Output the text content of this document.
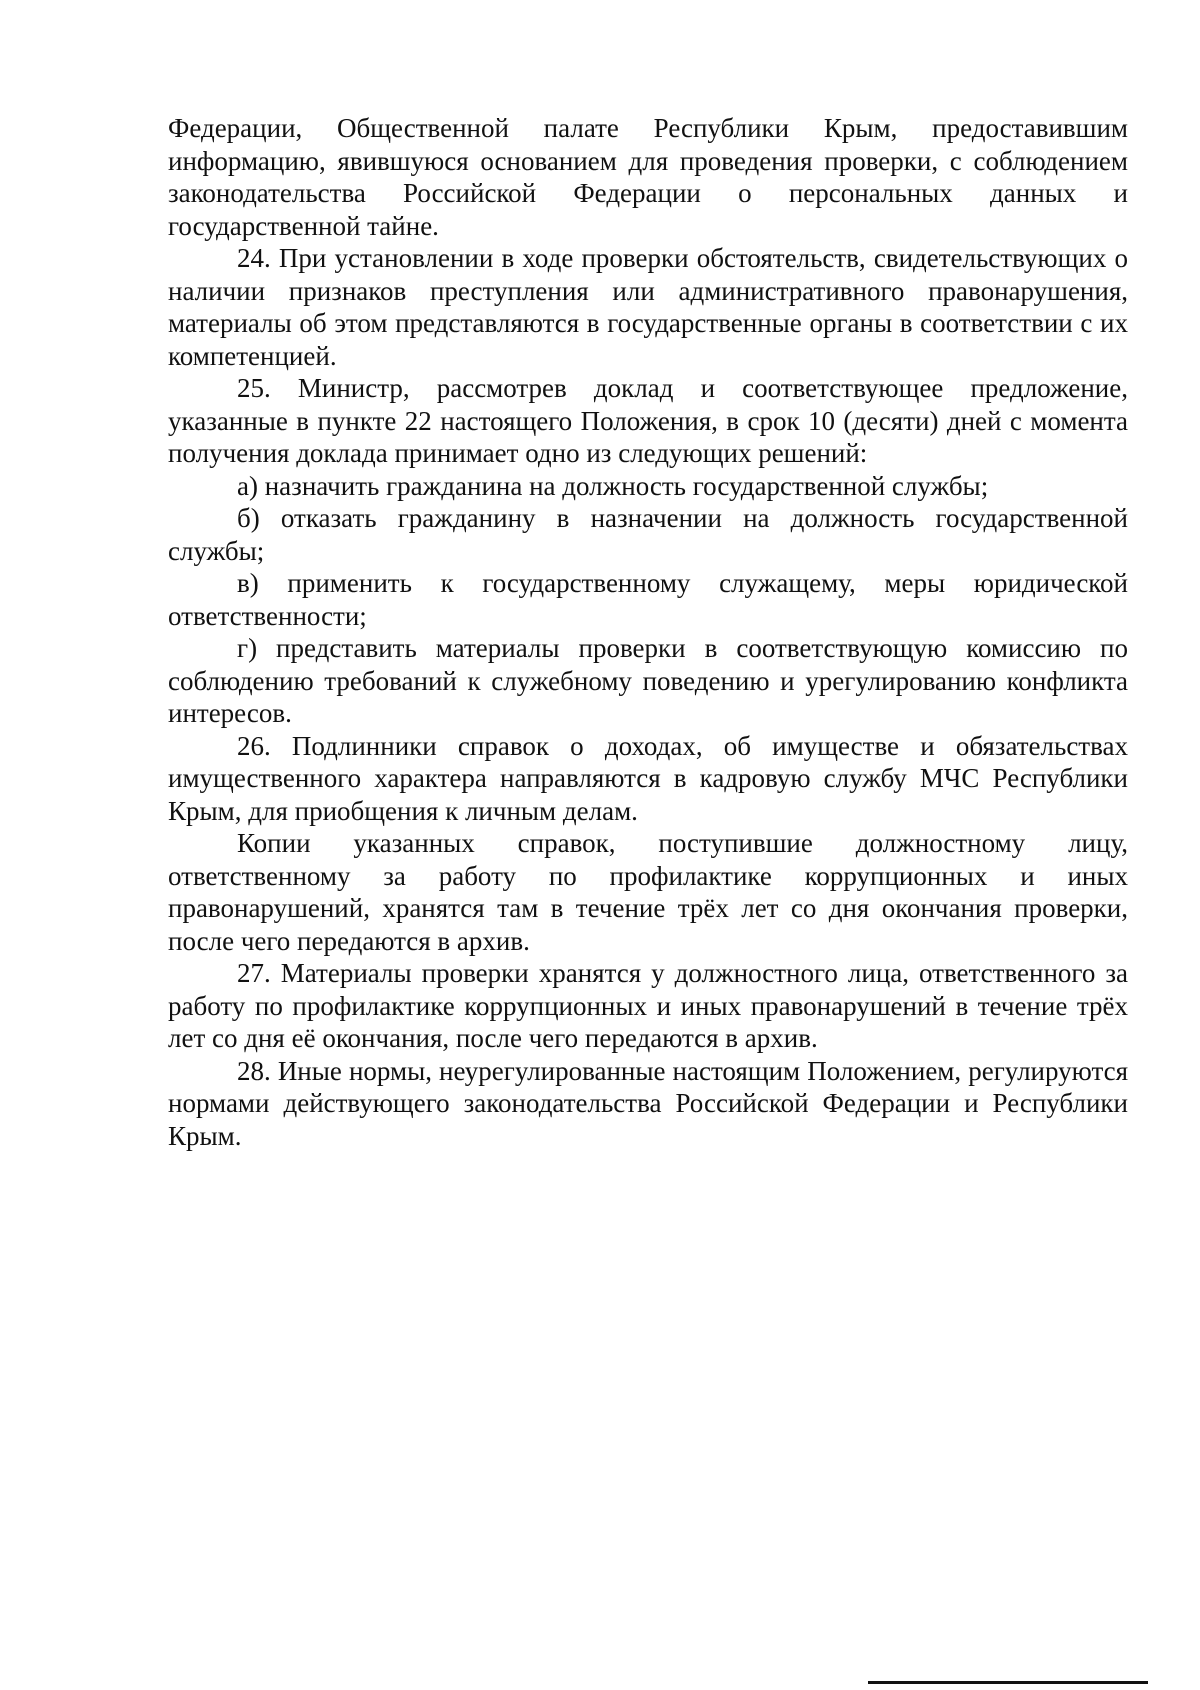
Федерации, Общественной палате Республики Крым, предоставившим информацию, явившуюся основанием для проведения проверки, с соблюдением законодательства Российской Федерации о персональных данных и государственной тайне.

24. При установлении в ходе проверки обстоятельств, свидетельствующих о наличии признаков преступления или административного правонарушения, материалы об этом представляются в государственные органы в соответствии с их компетенцией.

25. Министр, рассмотрев доклад и соответствующее предложение, указанные в пункте 22 настоящего Положения, в срок 10 (десяти) дней с момента получения доклада принимает одно из следующих решений:

а) назначить гражданина на должность государственной службы;

б) отказать гражданину в назначении на должность государственной службы;

в) применить к государственному служащему, меры юридической ответственности;

г) представить материалы проверки в соответствующую комиссию по соблюдению требований к служебному поведению и урегулированию конфликта интересов.

26. Подлинники справок о доходах, об имуществе и обязательствах имущественного характера направляются в кадровую службу МЧС Республики Крым, для приобщения к личным делам.

Копии указанных справок, поступившие должностному лицу, ответственному за работу по профилактике коррупционных и иных правонарушений, хранятся там в течение трёх лет со дня окончания проверки, после чего передаются в архив.

27. Материалы проверки хранятся у должностного лица, ответственного за работу по профилактике коррупционных и иных правонарушений в течение трёх лет со дня её окончания, после чего передаются в архив.

28. Иные нормы, неурегулированные настоящим Положением, регулируются нормами действующего законодательства Российской Федерации и Республики Крым.
